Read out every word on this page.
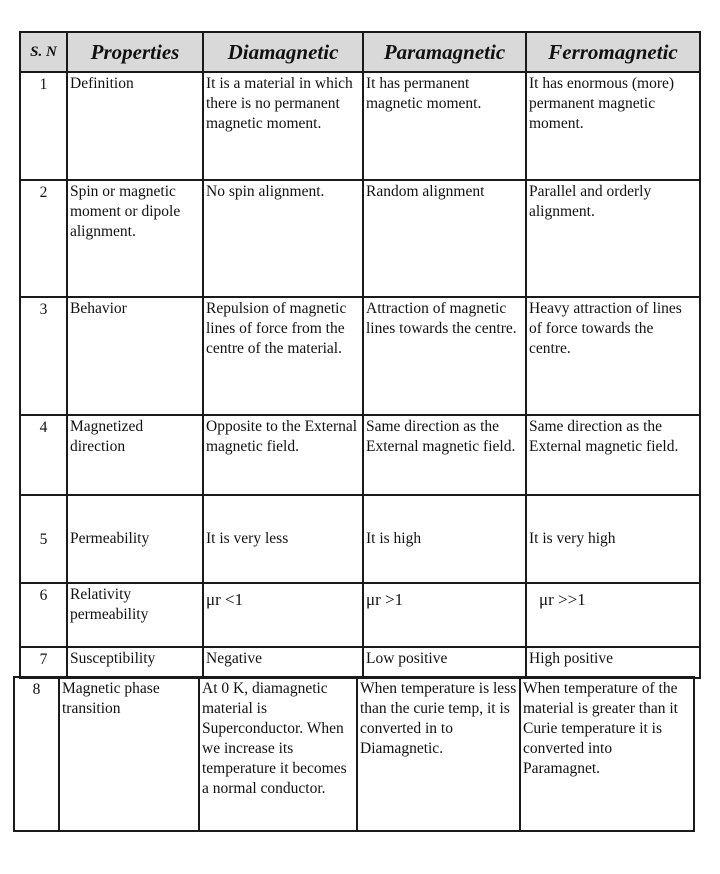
S. N	Properties	Diamagnetic	Paramagnetic	Ferromagnetic
1	Definition	It is a material in which there is no permanent magnetic moment.	It has permanent magnetic moment.	It has enormous (more) permanent magnetic moment.
2	Spin or magnetic moment or dipole alignment.	No spin alignment.	Random alignment	Parallel and orderly alignment.
3	Behavior	Repulsion of magnetic lines of force from the centre of the material.	Attraction of magnetic lines towards the centre.	Heavy attraction of lines of force towards the centre.
4	Magnetized direction	Opposite to the External magnetic field.	Same direction as the External magnetic field.	Same direction as the External magnetic field.
5	Permeability	It is very less	It is high	It is very high
6	Relativity permeability	μr <1	μr >1	μr >>1
7	Susceptibility	Negative	Low positive	High positive
8	Magnetic phase transition	At 0 K, diamagnetic material is Superconductor. When we increase its temperature it becomes a normal conductor.	When temperature is less than the curie temp, it is converted in to Diamagnetic.	When temperature of the material is greater than it Curie temperature it is converted into Paramagnet.
